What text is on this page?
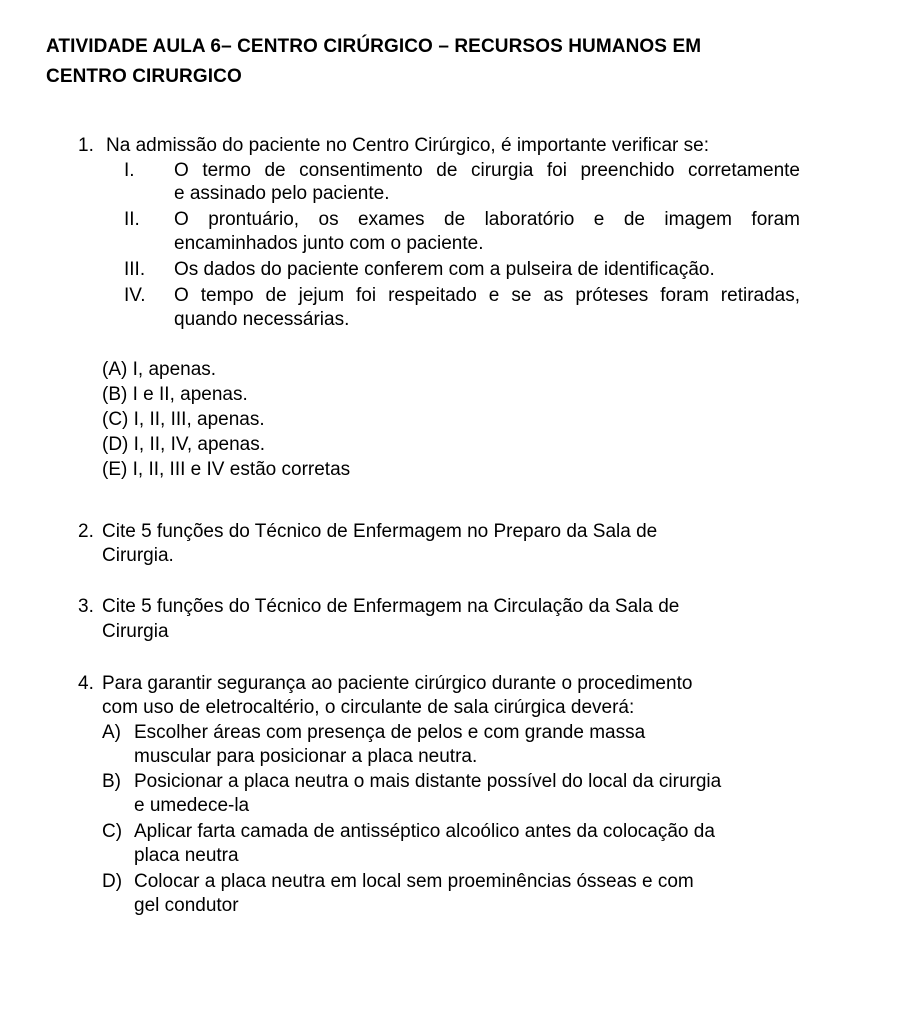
ATIVIDADE AULA 6– CENTRO CIRÚRGICO – RECURSOS HUMANOS EM
CENTRO CIRURGICO
1. Na admissão do paciente no Centro Cirúrgico, é importante verificar se:
I. O termo de consentimento de cirurgia foi preenchido corretamente
e assinado pelo paciente.
II. O prontuário, os exames de laboratório e de imagem foram
encaminhados junto com o paciente.
III. Os dados do paciente conferem com a pulseira de identificação.
IV. O tempo de jejum foi respeitado e se as próteses foram retiradas,
quando necessárias.
(A) I, apenas.
(B) I e II, apenas.
(C) I, II, III, apenas.
(D) I, II, IV, apenas.
(E) I, II, III e IV estão corretas
2. Cite 5 funções do Técnico de Enfermagem no Preparo da Sala de
Cirurgia.
3. Cite 5 funções do Técnico de Enfermagem na Circulação da Sala de
Cirurgia
4. Para garantir segurança ao paciente cirúrgico durante o procedimento
com uso de eletrocaltério, o circulante de sala cirúrgica deverá:
A) Escolher áreas com presença de pelos e com grande massa
muscular para posicionar a placa neutra.
B) Posicionar a placa neutra o mais distante possível do local da cirurgia
e umedece-la
C) Aplicar farta camada de antisséptico alcoólico antes da colocação da
placa neutra
D) Colocar a placa neutra em local sem proeminências ósseas e com
gel condutor
